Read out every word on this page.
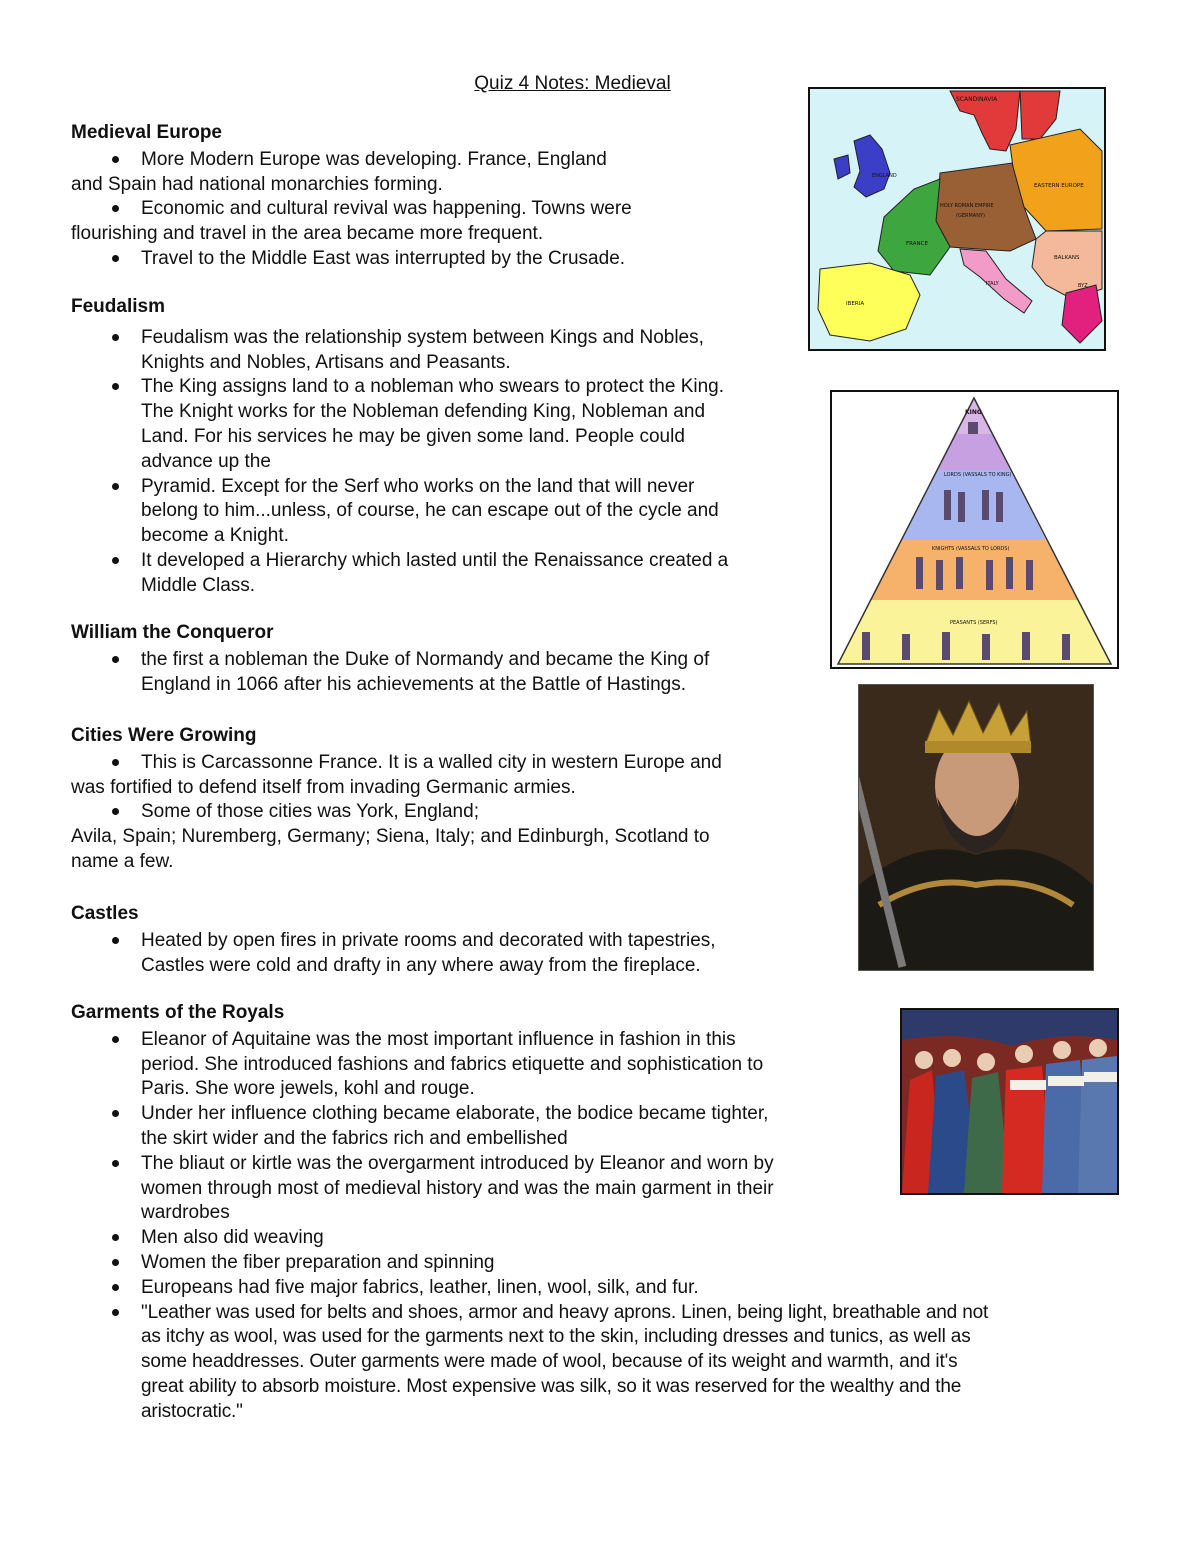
Quiz 4 Notes: Medieval
Medieval Europe
More Modern Europe was developing. France, England
and Spain had national monarchies forming.
Economic and cultural revival was happening. Towns were
flourishing and travel in the area became more frequent.
Travel to the Middle East was interrupted by the Crusade.
Feudalism
Feudalism was the relationship system between Kings and Nobles,
Knights and Nobles, Artisans and Peasants.
The King assigns land to a nobleman who swears to protect the King.
The Knight works for the Nobleman defending King, Nobleman and
Land. For his services he may be given some land. People could
advance up the
Pyramid. Except for the Serf who works on the land that will never
belong to him...unless, of course, he can escape out of the cycle and
become a Knight.
It developed a Hierarchy which lasted until the Renaissance created a
Middle Class.
William the Conqueror
the first a nobleman the Duke of Normandy and became the King of
England in 1066 after his achievements at the Battle of Hastings.
Cities Were Growing
This is Carcassonne France. It is a walled city in western Europe and
was fortified to defend itself from invading Germanic armies.
Some of those cities was York, England;
Avila, Spain; Nuremberg, Germany; Siena, Italy; and Edinburgh, Scotland to
name a few.
Castles
Heated by open fires in private rooms and decorated with tapestries,
Castles were cold and drafty in any where away from the fireplace.
Garments of the Royals
Eleanor of Aquitaine was the most important influence in fashion in this
period. She introduced fashions and fabrics etiquette and sophistication to
Paris. She wore jewels, kohl and rouge.
Under her influence clothing became elaborate, the bodice became tighter,
the skirt wider and the fabrics rich and embellished
The bliaut or kirtle was the overgarment introduced by Eleanor and worn by
women through most of medieval history and was the main garment in their
wardrobes
Men also did weaving
Women the fiber preparation and spinning
Europeans had five major fabrics, leather, linen, wool, silk, and fur.
"Leather was used for belts and shoes, armor and heavy aprons. Linen, being light, breathable and not
as itchy as wool, was used for the garments next to the skin, including dresses and tunics, as well as
some headdresses. Outer garments were made of wool, because of its weight and warmth, and it's
great ability to absorb moisture. Most expensive was silk, so it was reserved for the wealthy and the
aristocratic."
SCANDINAVIA
ENGLAND
HOLY ROMAN EMPIRE
(GERMANY)
EASTERN EUROPE
FRANCE
BALKANS
ITALY
IBERIA
BYZ
KING
LORDS (VASSALS TO KING)
KNIGHTS (VASSALS TO LORDS)
PEASANTS (SERFS)
